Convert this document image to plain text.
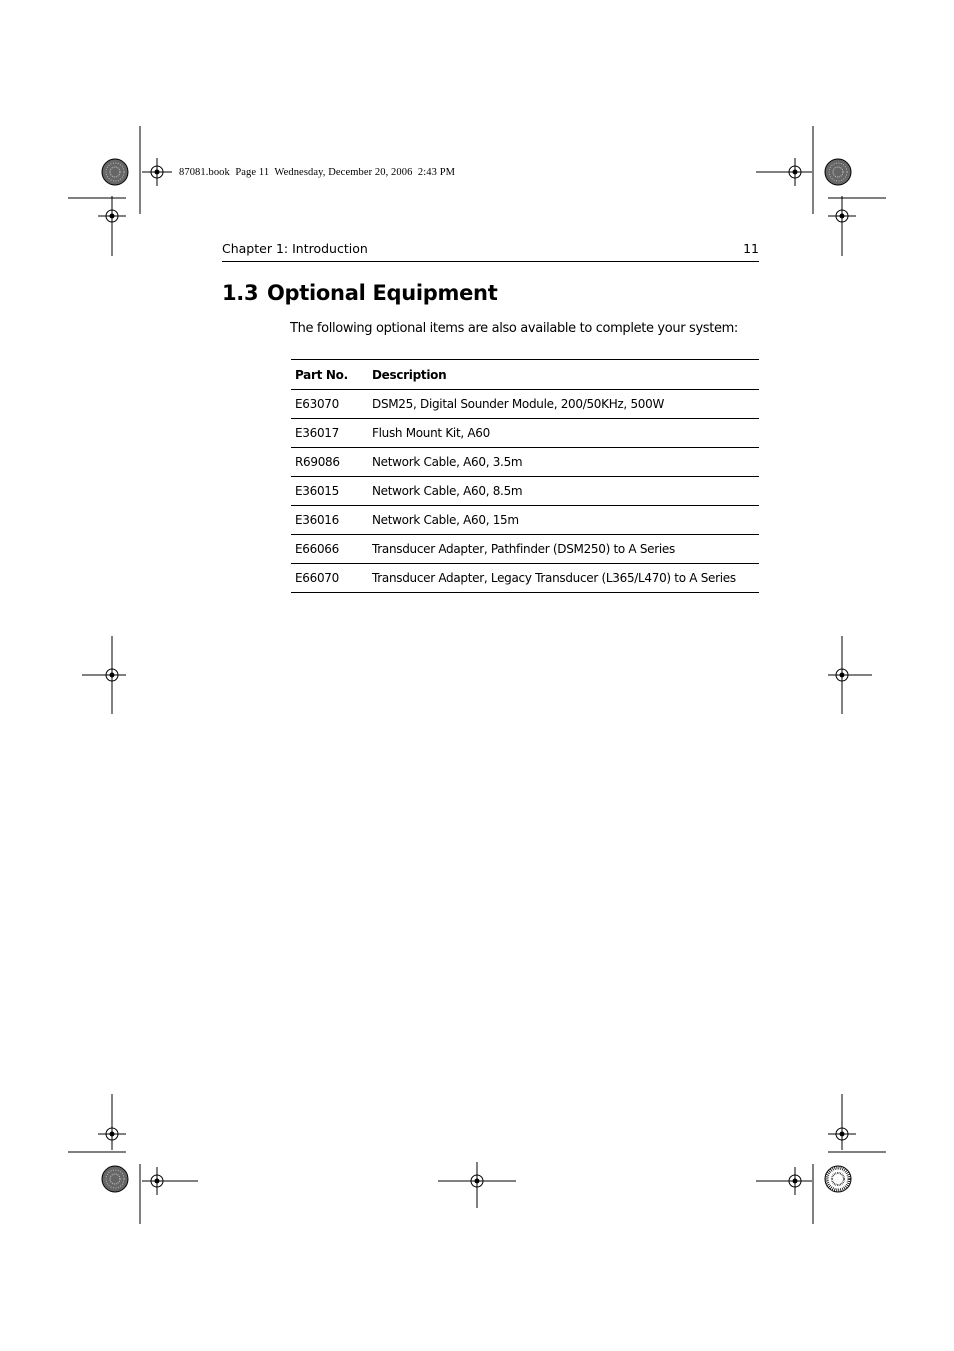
87081.book  Page 11  Wednesday, December 20, 2006  2:43 PM
Chapter 1: Introduction	11
1.3 Optional Equipment
The following optional items are also available to complete your system:
Part No.	Description
E63070	DSM25, Digital Sounder Module, 200/50KHz, 500W
E36017	Flush Mount Kit, A60
R69086	Network Cable, A60, 3.5m
E36015	Network Cable, A60, 8.5m
E36016	Network Cable, A60, 15m
E66066	Transducer Adapter, Pathfinder (DSM250) to A Series
E66070	Transducer Adapter, Legacy Transducer (L365/L470) to A Series
